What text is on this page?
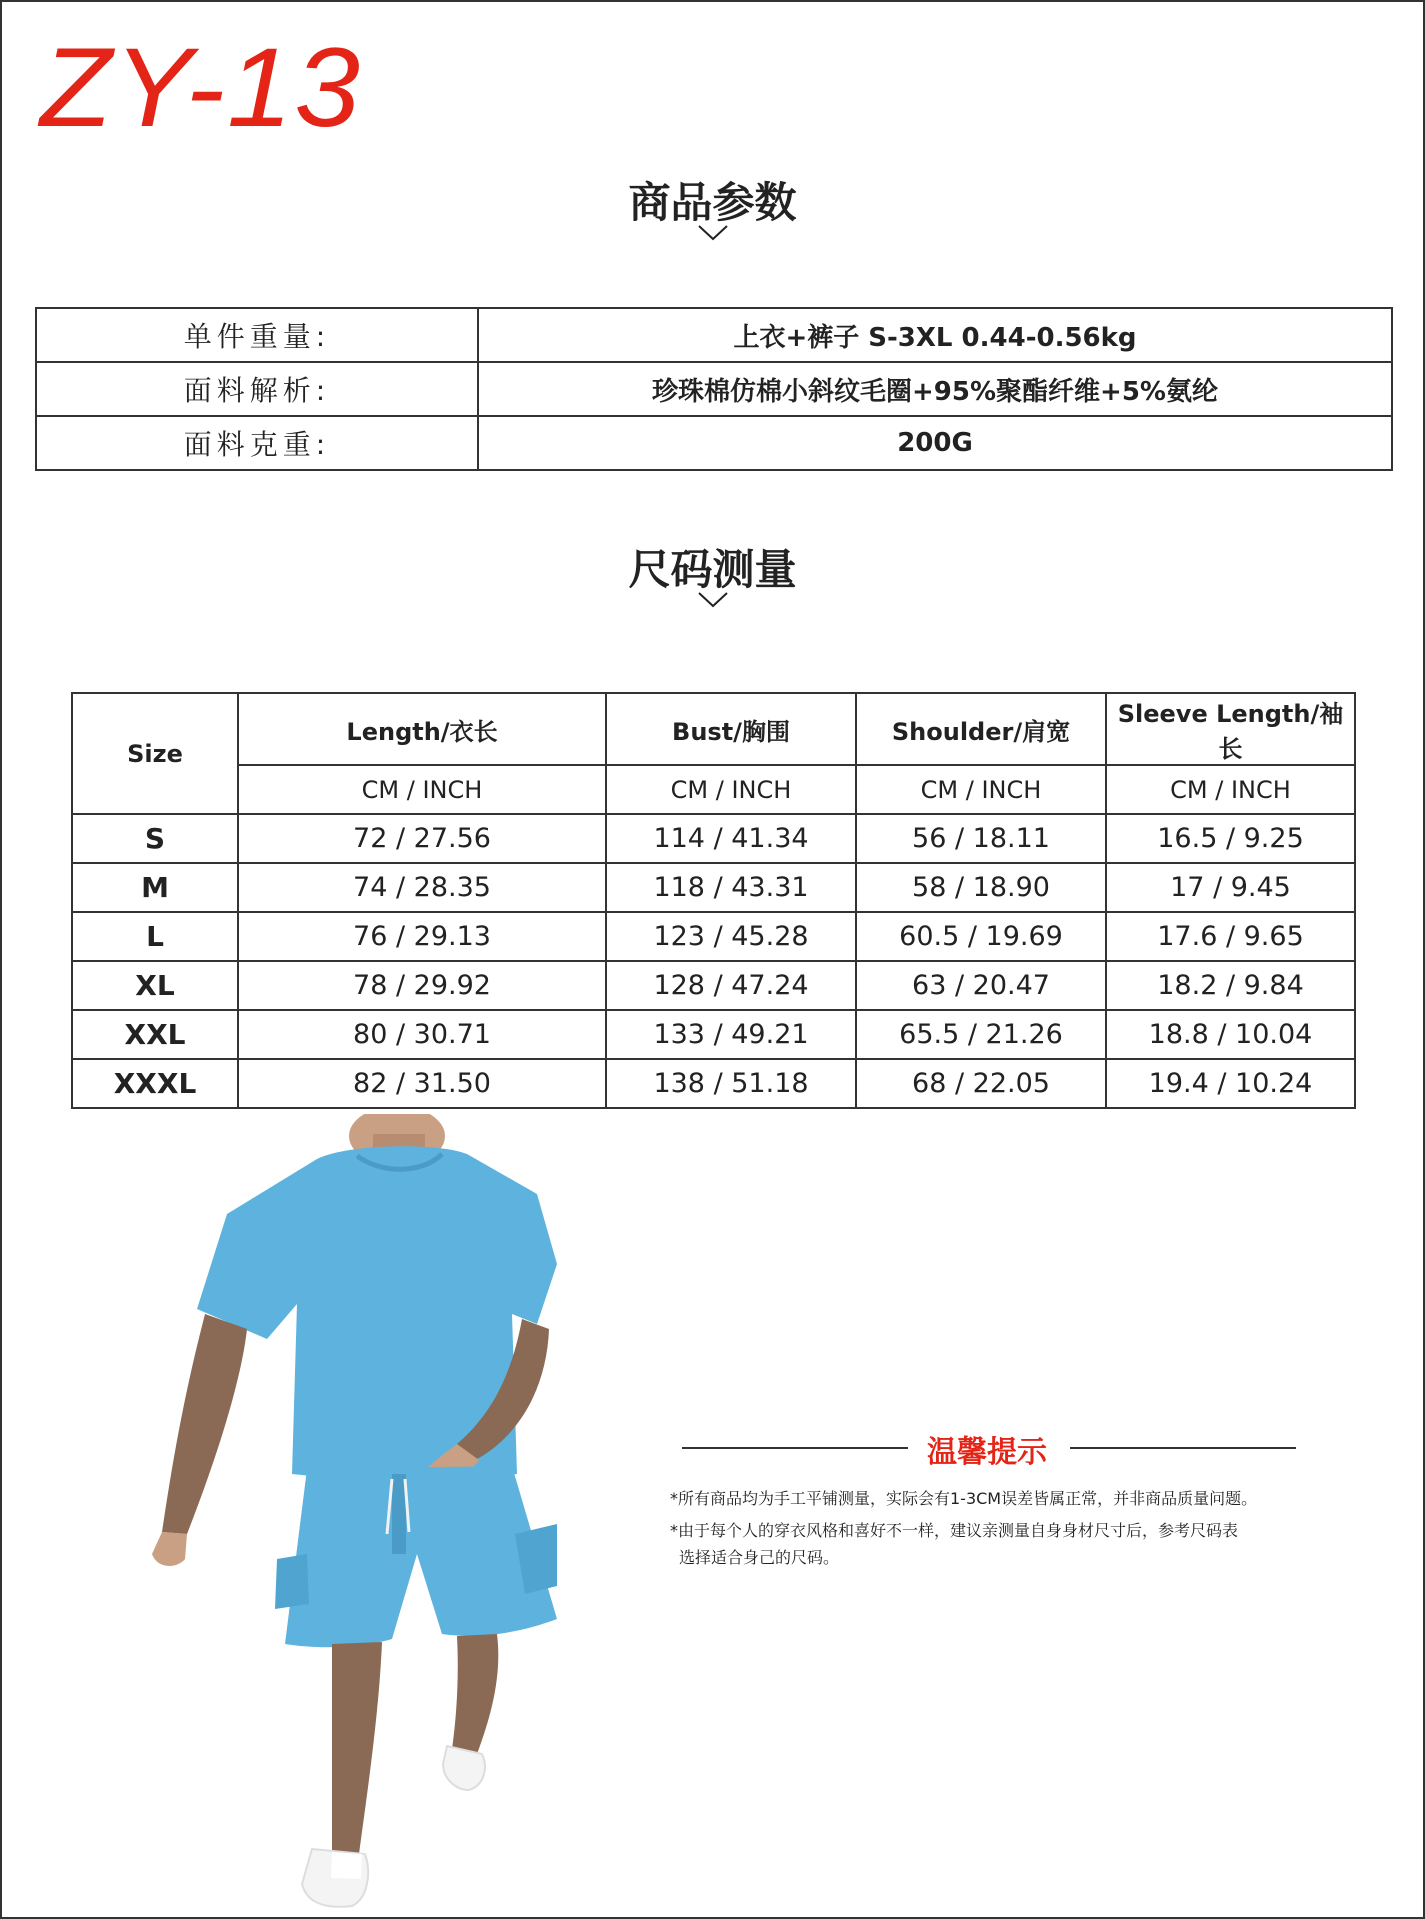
ZY-13
商品参数
单件重量:	上衣+裤子 S-3XL 0.44-0.56kg
面料解析:	珍珠棉仿棉小斜纹毛圈+95%聚酯纤维+5%氨纶
面料克重:	200G
尺码测量
Size	Length/衣长	Bust/胸围	Shoulder/肩宽	Sleeve Length/袖长
	CM / INCH	CM / INCH	CM / INCH	CM / INCH
S	72 / 27.56	114 / 41.34	56 / 18.11	16.5 / 9.25
M	74 / 28.35	118 / 43.31	58 / 18.90	17 / 9.45
L	76 / 29.13	123 / 45.28	60.5 / 19.69	17.6 / 9.65
XL	78 / 29.92	128 / 47.24	63 / 20.47	18.2 / 9.84
XXL	80 / 30.71	133 / 49.21	65.5 / 21.26	18.8 / 10.04
XXXL	82 / 31.50	138 / 51.18	68 / 22.05	19.4 / 10.24
温馨提示
*所有商品均为手工平铺测量，实际会有1-3CM误差皆属正常，并非商品质量问题。
*由于每个人的穿衣风格和喜好不一样，建议亲测量自身身材尺寸后，参考尺码表
选择适合身己的尺码。
